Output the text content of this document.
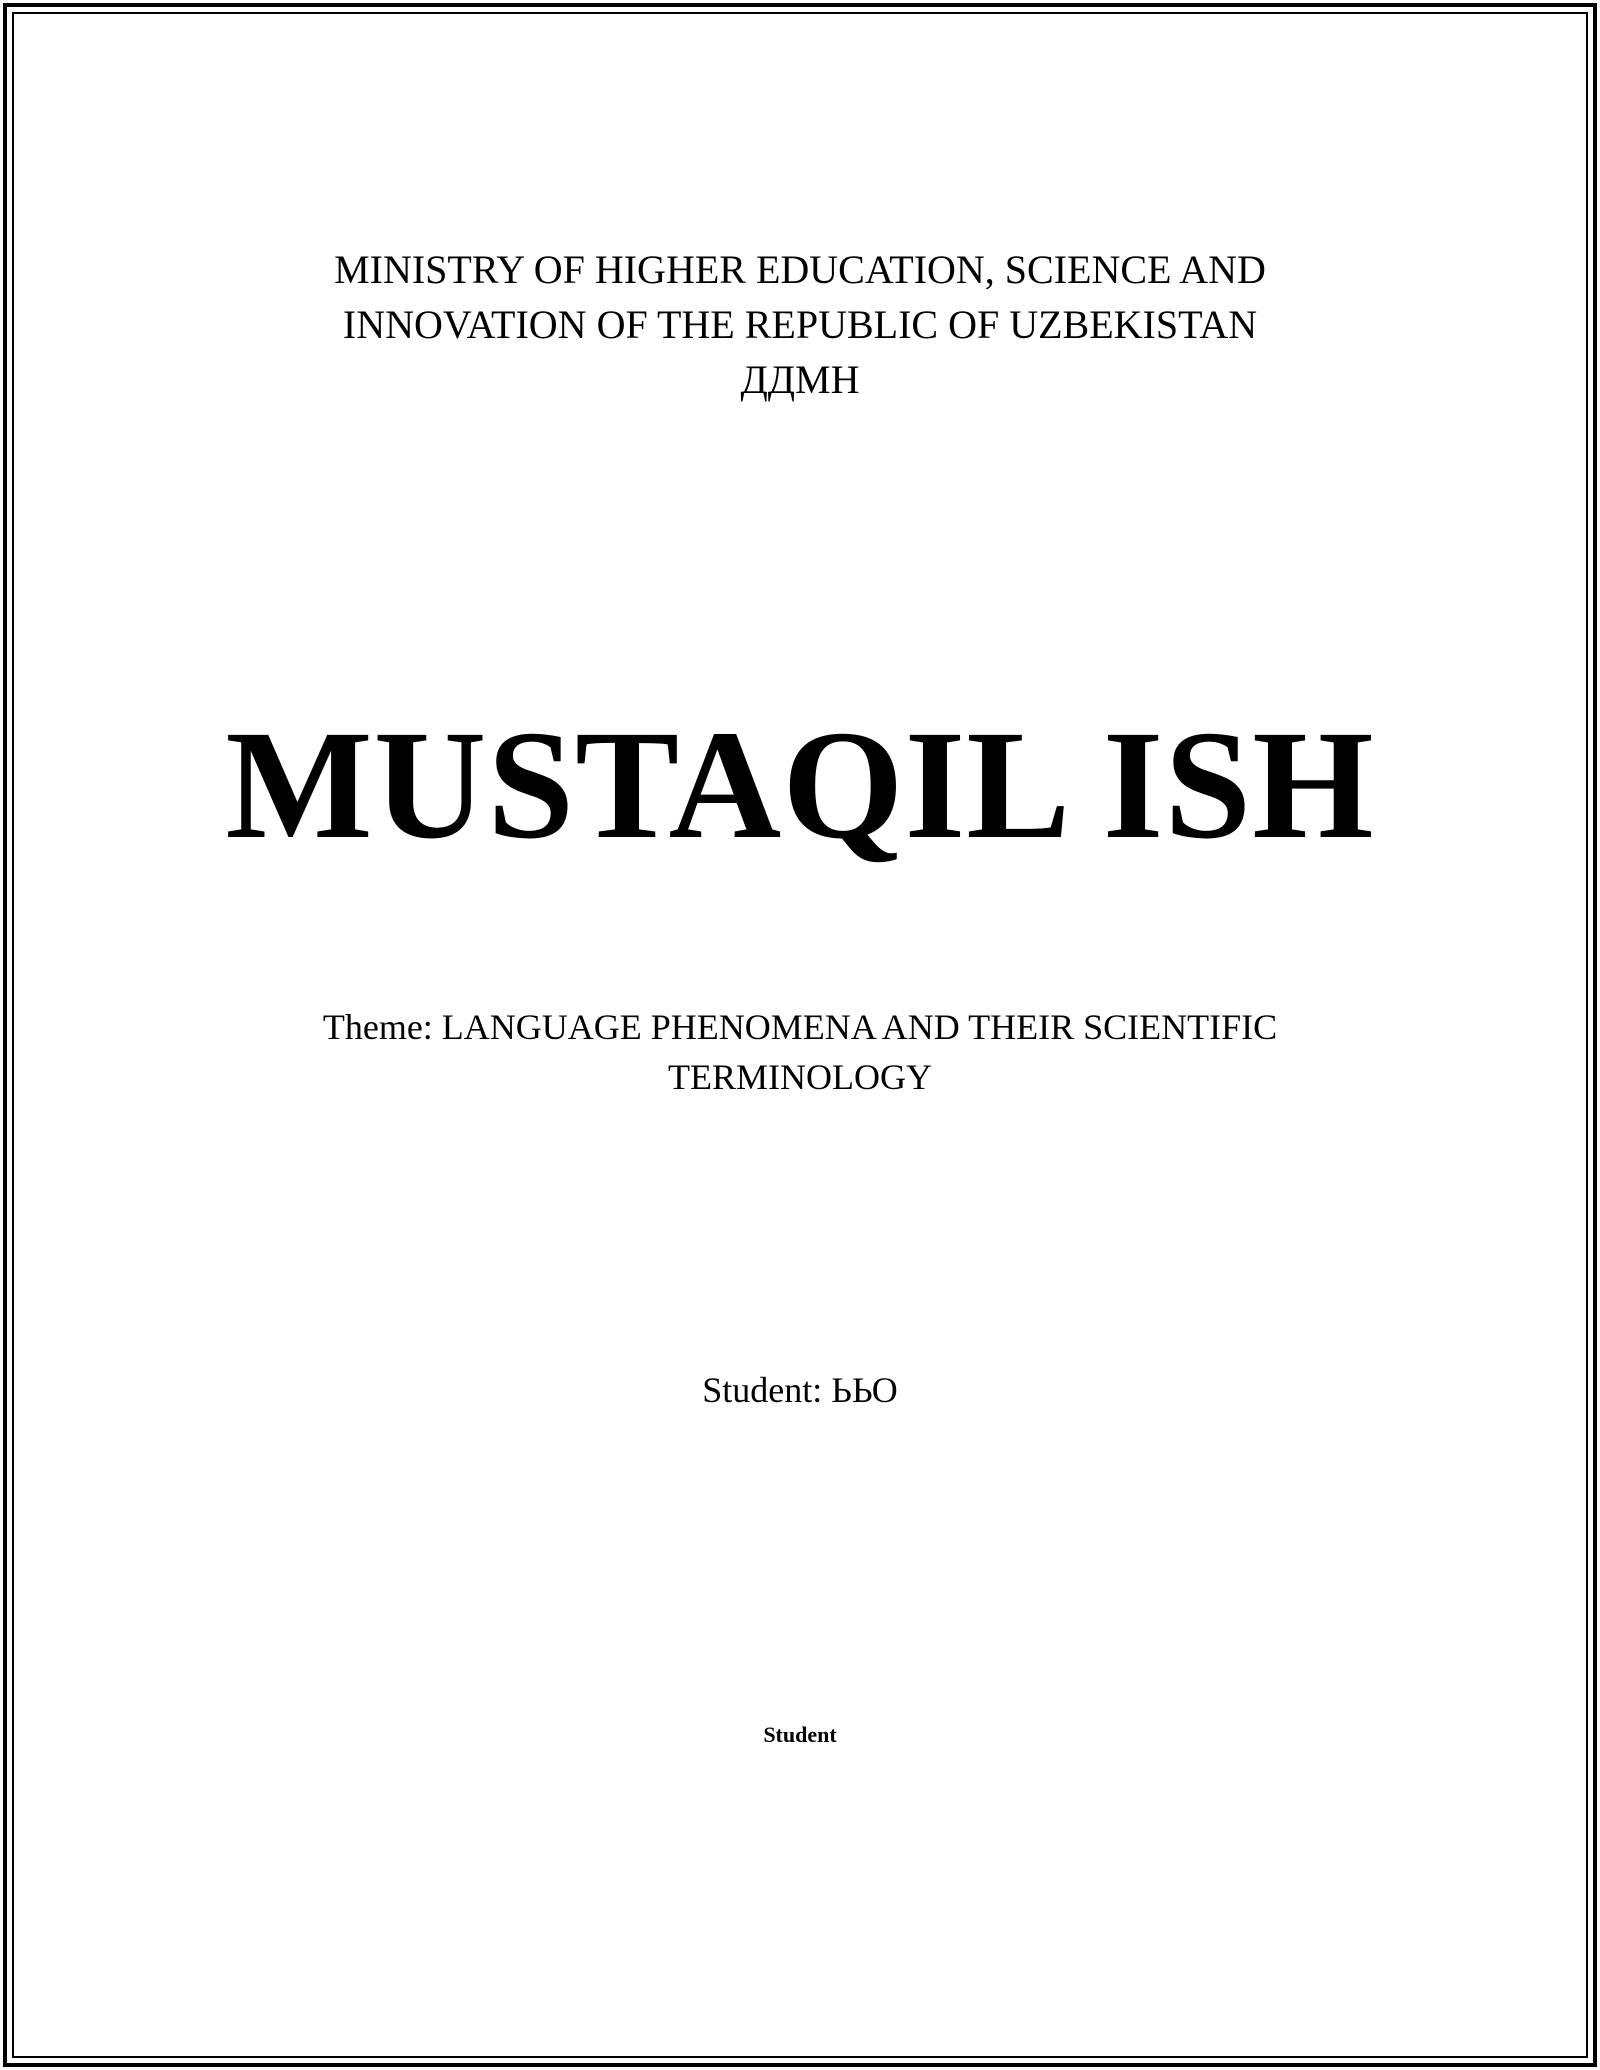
MINISTRY OF HIGHER EDUCATION, SCIENCE AND
INNOVATION OF THE REPUBLIC OF UZBEKISTAN
ДДМН
MUSTAQIL ISH
Theme: LANGUAGE PHENOMENA AND THEIR SCIENTIFIC
TERMINOLOGY
Student: ЬЬО
Student
